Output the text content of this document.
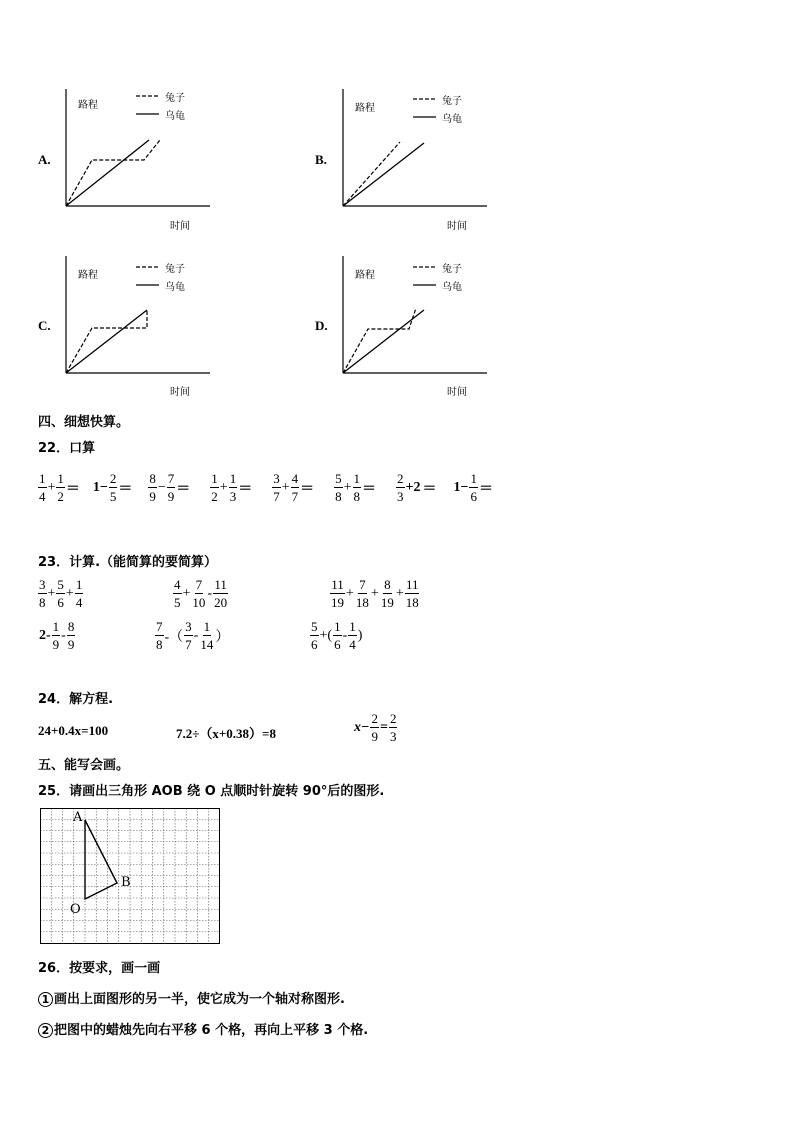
A.
路程
兔子
乌龟
时间
B.
路程
兔子
乌龟
时间
C.
路程
兔子
乌龟
时间
D.
路程
兔子
乌龟
时间
四、细想快算。
22．口算
$\frac{1}{4} + \frac{1}{2} = 1- \frac{2}{5} = \frac{8}{9} - \frac{7}{9} = \frac{1}{2} + \frac{1}{3} = \frac{3}{7} + \frac{4}{7} = \frac{5}{8} + \frac{1}{8} = \frac{2}{3} +2 = 1- \frac{1}{6}$ ＝
23．计算.（能简算的要简算）
$\frac{3}{8} + \frac{5}{6} + \frac{1}{4}$	$\frac{4}{5} + \frac{7}{10} - \frac{11}{20}$	$\frac{11}{19} + \frac{7}{18} + \frac{8}{19} + \frac{11}{18}$
$2- \frac{1}{9} - \frac{8}{9}$	$\frac{7}{8}$ -（ $\frac{3}{7} - \frac{1}{14}$ ）	$\frac{5}{6}$ +( $\frac{1}{6} - \frac{1}{4}$ )
24．解方程.
24+0.4x=100	7.2÷（x+0.38）=8	$x- \frac{2}{9} = \frac{2}{3}$
五、能写会画。
25．请画出三角形 AOB 绕 O 点顺时针旋转 90°后的图形.
A
B
O
26．按要求，画一画
1 画出上面图形的另一半，使它成为一个轴对称图形.
2 把图中的蜡烛先向右平移 6 个格，再向上平移 3 个格.
